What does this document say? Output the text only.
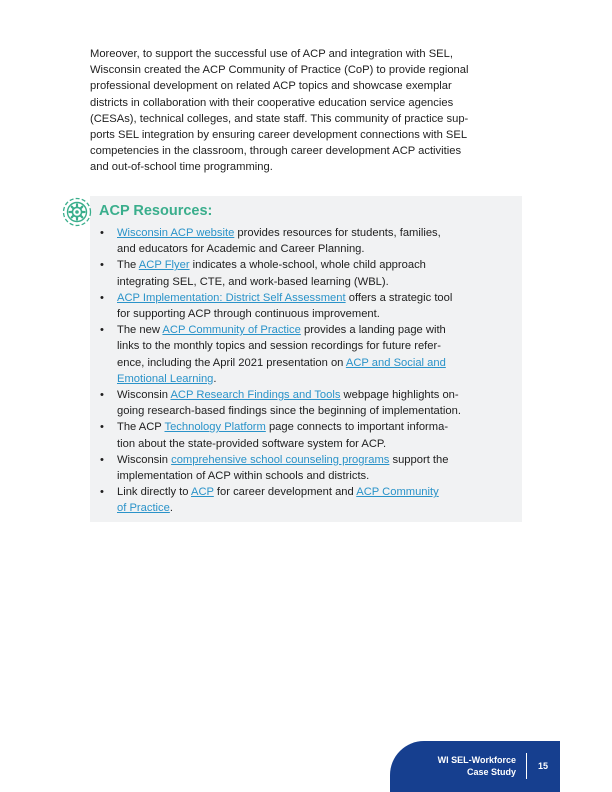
Moreover, to support the successful use of ACP and integration with SEL,
Wisconsin created the ACP Community of Practice (CoP) to provide regional
professional development on related ACP topics and showcase exemplar
districts in collaboration with their cooperative education service agencies
(CESAs), technical colleges, and state staff. This community of practice sup-
ports SEL integration by ensuring career development connections with SEL
competencies in the classroom, through career development ACP activities
and out-of-school time programming.

ACP Resources:
• Wisconsin ACP website provides resources for students, families,
and educators for Academic and Career Planning.
• The ACP Flyer indicates a whole-school, whole child approach
integrating SEL, CTE, and work-based learning (WBL).
• ACP Implementation: District Self Assessment offers a strategic tool
for supporting ACP through continuous improvement.
• The new ACP Community of Practice provides a landing page with
links to the monthly topics and session recordings for future refer-
ence, including the April 2021 presentation on ACP and Social and
Emotional Learning.
• Wisconsin ACP Research Findings and Tools webpage highlights on-
going research-based findings since the beginning of implementation.
• The ACP Technology Platform page connects to important informa-
tion about the state-provided software system for ACP.
• Wisconsin comprehensive school counseling programs support the
implementation of ACP within schools and districts.
• Link directly to ACP for career development and ACP Community
of Practice.
WI SEL-Workforce
Case Study
15
